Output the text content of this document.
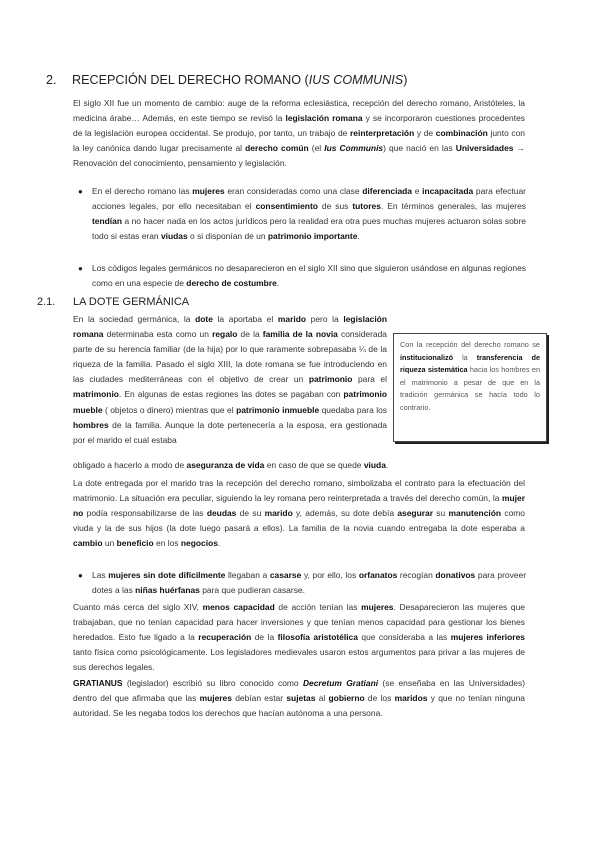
2. RECEPCIÓN DEL DERECHO ROMANO (IUS COMMUNIS)

El siglo XII fue un momento de cambio: auge de la reforma eclesiástica, recepción del derecho romano, Aristóteles, la medicina árabe… Además, en este tiempo se revisó la legislación romana y se incorporaron cuestiones procedentes de la legislación europea occidental. Se produjo, por tanto, un trabajo de reinterpretación y de combinación junto con la ley canónica dando lugar precisamente al derecho común (el Ius Communis) que nació en las Universidades → Renovación del conocimiento, pensamiento y legislación.

● En el derecho romano las mujeres eran consideradas como una clase diferenciada e incapacitada para efectuar acciones legales, por ello necesitaban el consentimiento de sus tutores. En términos generales, las mujeres tendían a no hacer nada en los actos jurídicos pero la realidad era otra pues muchas mujeres actuaron solas sobre todo si estas eran viudas o si disponían de un patrimonio importante.

● Los códigos legales germánicos no desaparecieron en el siglo XII sino que siguieron usándose en algunas regiones como en una especie de derecho de costumbre.

2.1. LA DOTE GERMÁNICA

En la sociedad germánica, la dote la aportaba el marido pero la legislación romana determinaba esta como un regalo de la familia de la novia considerada parte de su herencia familiar (de la hija) por lo que raramente sobrepasaba ¼ de la riqueza de la familia. Pasado el siglo XIII, la dote romana se fue introduciendo en las ciudades mediterráneas con el objetivo de crear un patrimonio para el matrimonio. En algunas de estas regiones las dotes se pagaban con patrimonio mueble ( objetos o dinero) mientras que el patrimonio inmueble quedaba para los hombres de la familia. Aunque la dote pertenecería a la esposa, era gestionada por el marido el cual estaba

obligado a hacerlo a modo de aseguranza de vida en caso de que se quede viuda.

Con la recepción del derecho romano se institucionalizó la transferencia de riqueza sistemática hacia los hombres en el matrimonio a pesar de que en la tradición germánica se hacía todo lo contrario.

La dote entregada por el marido tras la recepción del derecho romano, simbolizaba el contrato para la efectuación del matrimonio. La situación era peculiar, siguiendo la ley romana pero reinterpretada a través del derecho común, la mujer no podía responsabilizarse de las deudas de su marido y, además, su dote debía asegurar su manutención como viuda y la de sus hijos (la dote luego pasará a ellos). La familia de la novia cuando entregaba la dote esperaba a cambio un beneficio en los negocios.

● Las mujeres sin dote difícilmente llegaban a casarse y, por ello, los orfanatos recogían donativos para proveer dotes a las niñas huérfanas para que pudieran casarse.

Cuanto más cerca del siglo XIV, menos capacidad de acción tenían las mujeres. Desaparecieron las mujeres que trabajaban, que no tenían capacidad para hacer inversiones y que tenían menos capacidad para gestionar los bienes heredados. Esto fue ligado a la recuperación de la filosofía aristotélica que consideraba a las mujeres inferiores tanto física como psicológicamente. Los legisladores medievales usaron estos argumentos para privar a las mujeres de sus derechos legales.

GRATIANUS (legislador) escribió su libro conocido como Decretum Gratiani (se enseñaba en las Universidades) dentro del que afirmaba que las mujeres debían estar sujetas al gobierno de los maridos y que no tenían ninguna autoridad. Se les negaba todos los derechos que hacían autónoma a una persona.
